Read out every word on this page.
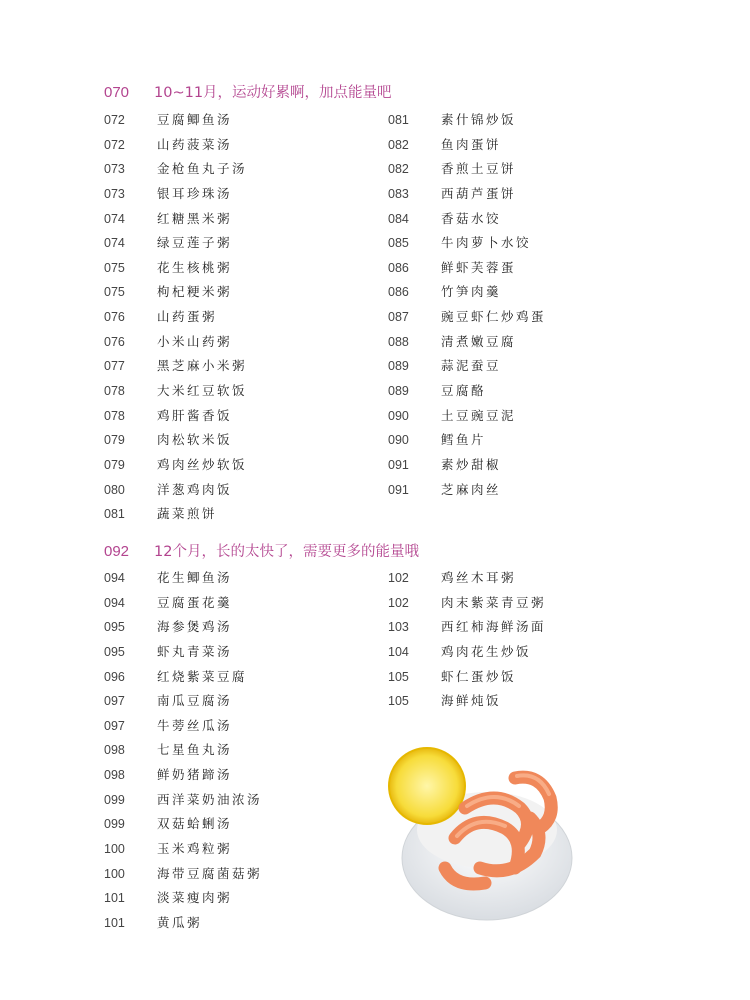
070 10~11月，运动好累啊，加点能量吧
072	豆腐鲫鱼汤
072	山药菠菜汤
073	金枪鱼丸子汤
073	银耳珍珠汤
074	红糖黑米粥
074	绿豆莲子粥
075	花生核桃粥
075	枸杞粳米粥
076	山药蛋粥
076	小米山药粥
077	黑芝麻小米粥
078	大米红豆软饭
078	鸡肝酱香饭
079	肉松软米饭
079	鸡肉丝炒软饭
080	洋葱鸡肉饭
081	蔬菜煎饼
081	素什锦炒饭
082	鱼肉蛋饼
082	香煎土豆饼
083	西葫芦蛋饼
084	香菇水饺
085	牛肉萝卜水饺
086	鲜虾芙蓉蛋
086	竹笋肉羹
087	豌豆虾仁炒鸡蛋
088	清煮嫩豆腐
089	蒜泥蚕豆
089	豆腐酪
090	土豆豌豆泥
090	鳕鱼片
091	素炒甜椒
091	芝麻肉丝
092 12个月，长的太快了，需要更多的能量哦
094	花生鲫鱼汤
094	豆腐蛋花羹
095	海参煲鸡汤
095	虾丸青菜汤
096	红烧紫菜豆腐
097	南瓜豆腐汤
097	牛蒡丝瓜汤
098	七星鱼丸汤
098	鲜奶猪蹄汤
099	西洋菜奶油浓汤
099	双菇蛤蜊汤
100	玉米鸡粒粥
100	海带豆腐菌菇粥
101	淡菜瘦肉粥
101	黄瓜粥
102	鸡丝木耳粥
102	肉末紫菜青豆粥
103	西红柿海鲜汤面
104	鸡肉花生炒饭
105	虾仁蛋炒饭
105	海鲜炖饭
